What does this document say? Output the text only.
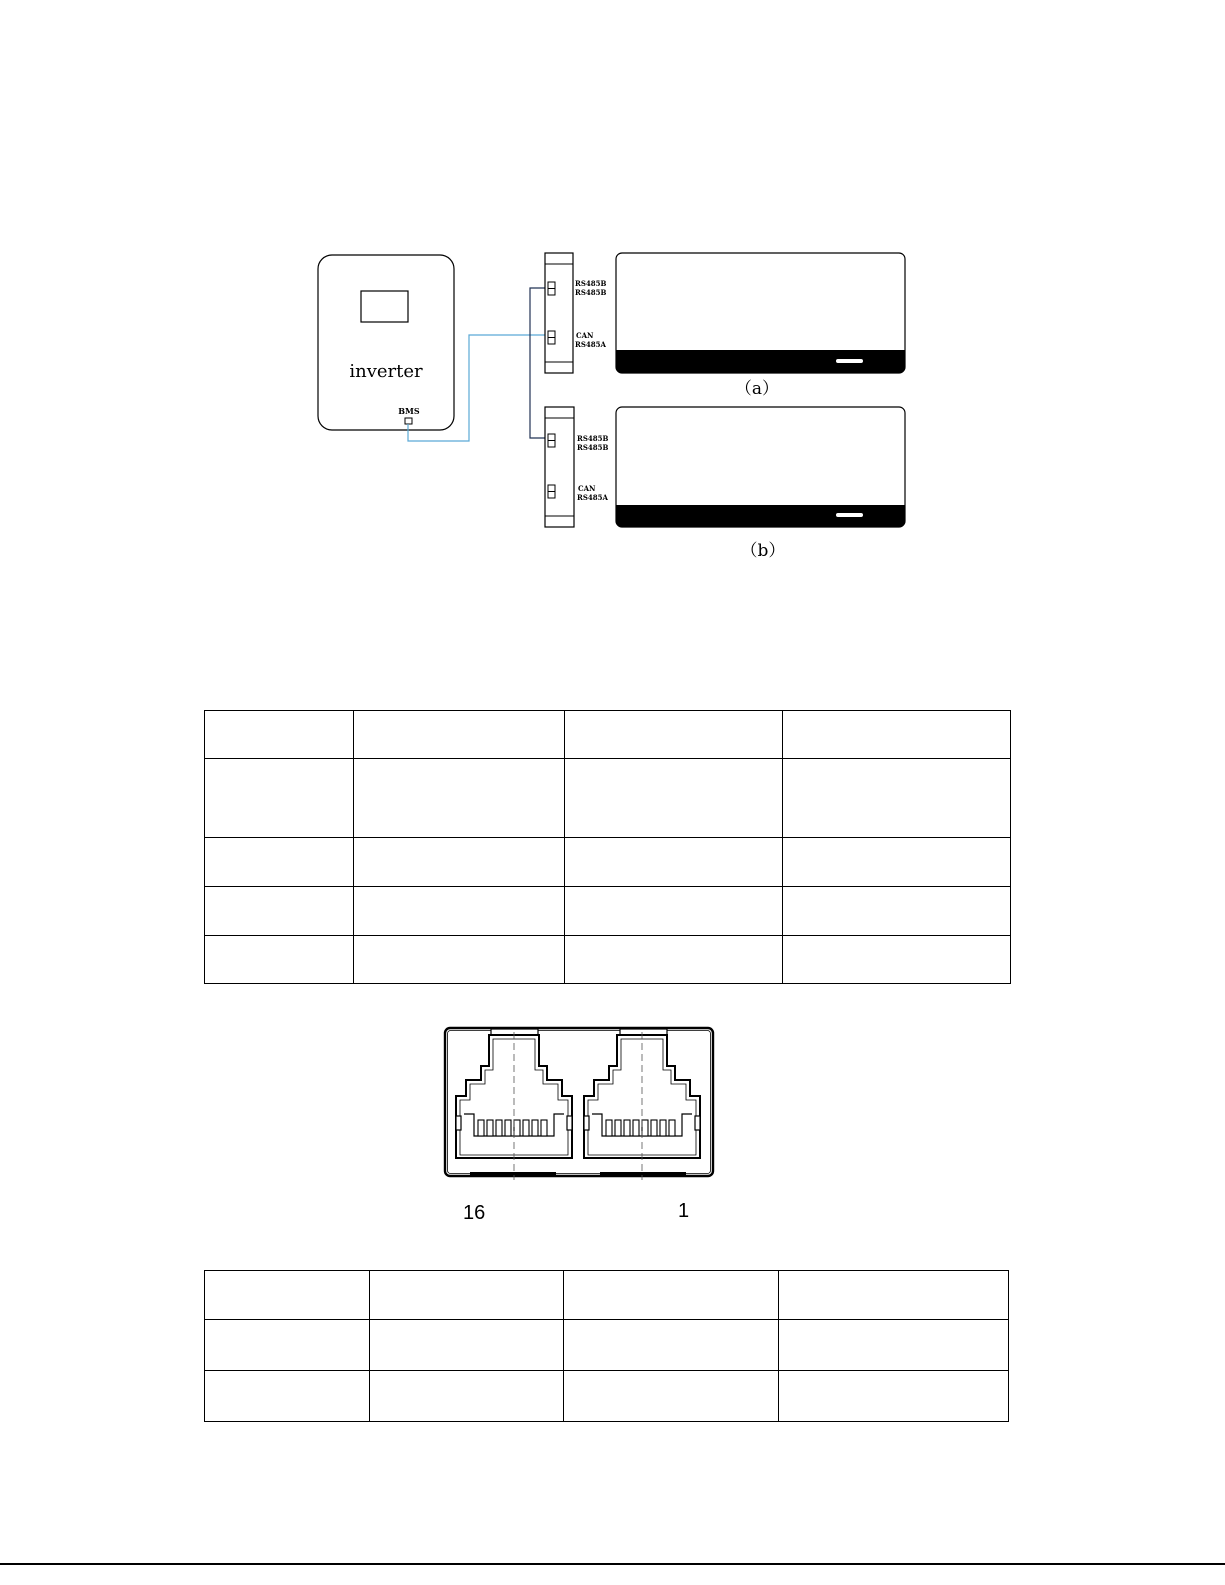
inverter
BMS
RS485B
RS485B
CAN
RS485A
（a）
RS485B
RS485B
CAN
RS485A
（b）

16	1
